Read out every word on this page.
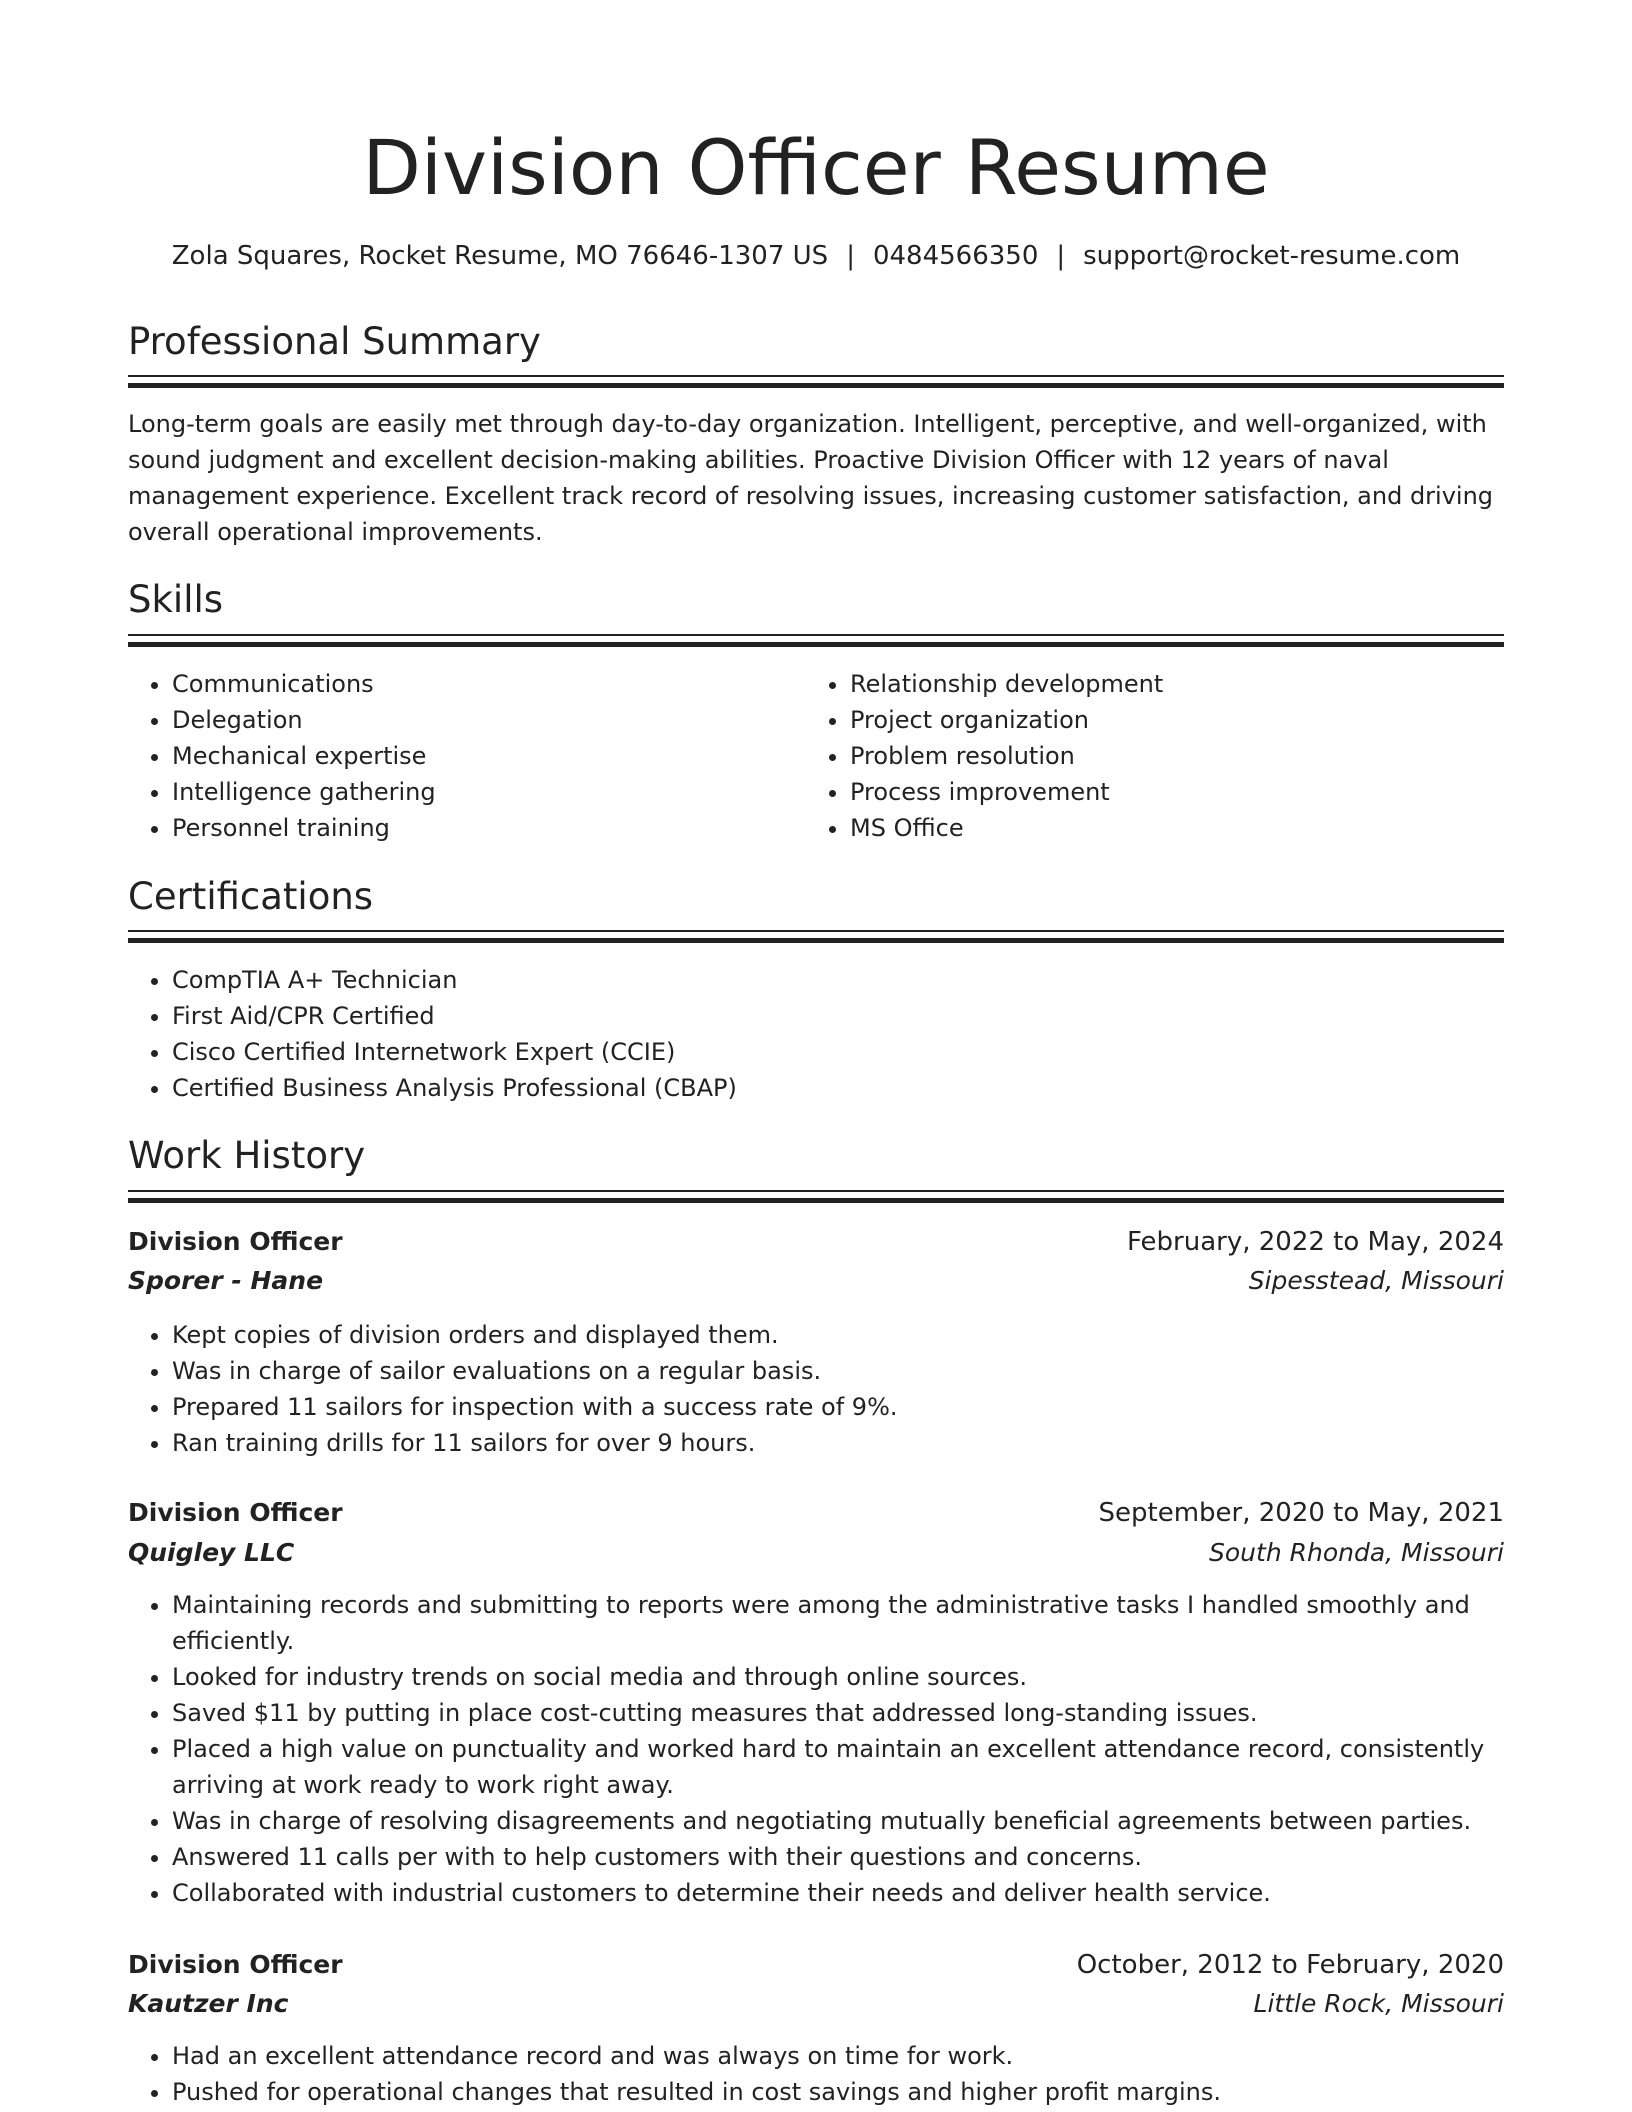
Division Officer Resume
Zola Squares, Rocket Resume, MO 76646-1307 US | 0484566350 | support@rocket-resume.com
Professional Summary

Long-term goals are easily met through day-to-day organization. Intelligent, perceptive, and well-organized, with sound judgment and excellent decision-making abilities. Proactive Division Officer with 12 years of naval management experience. Excellent track record of resolving issues, increasing customer satisfaction, and driving overall operational improvements.

Skills
• Communications
• Delegation
• Mechanical expertise
• Intelligence gathering
• Personnel training
• Relationship development
• Project organization
• Problem resolution
• Process improvement
• MS Office
Certifications
• CompTIA A+ Technician
• First Aid/CPR Certified
• Cisco Certified Internetwork Expert (CCIE)
• Certified Business Analysis Professional (CBAP)
Work History
Division Officer	February, 2022 to May, 2024
Sporer - Hane	Sipesstead, Missouri
• Kept copies of division orders and displayed them.
• Was in charge of sailor evaluations on a regular basis.
• Prepared 11 sailors for inspection with a success rate of 9%.
• Ran training drills for 11 sailors for over 9 hours.
Division Officer	September, 2020 to May, 2021
Quigley LLC	South Rhonda, Missouri
• Maintaining records and submitting to reports were among the administrative tasks I handled smoothly and efficiently.
• Looked for industry trends on social media and through online sources.
• Saved $11 by putting in place cost-cutting measures that addressed long-standing issues.
• Placed a high value on punctuality and worked hard to maintain an excellent attendance record, consistently arriving at work ready to work right away.
• Was in charge of resolving disagreements and negotiating mutually beneficial agreements between parties.
• Answered 11 calls per with to help customers with their questions and concerns.
• Collaborated with industrial customers to determine their needs and deliver health service.
Division Officer	October, 2012 to February, 2020
Kautzer Inc	Little Rock, Missouri
• Had an excellent attendance record and was always on time for work.
• Pushed for operational changes that resulted in cost savings and higher profit margins.
